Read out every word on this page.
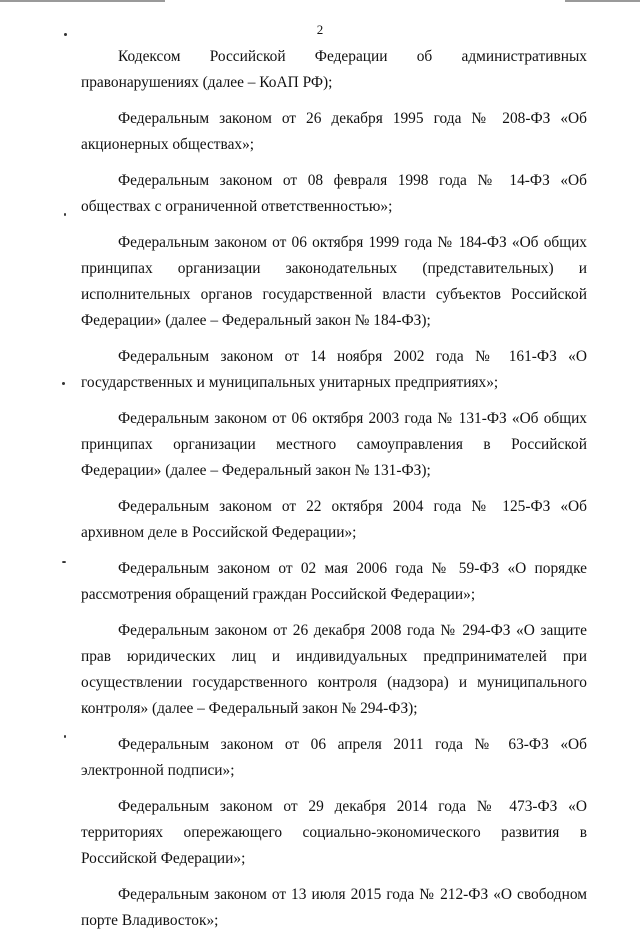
2

Кодексом Российской Федерации об административных правонарушениях (далее – КоАП РФ);

Федеральным законом от 26 декабря 1995 года № 208-ФЗ «Об акционерных обществах»;

Федеральным законом от 08 февраля 1998 года № 14-ФЗ «Об обществах с ограниченной ответственностью»;

Федеральным законом от 06 октября 1999 года № 184-ФЗ «Об общих принципах организации законодательных (представительных) и исполнительных органов государственной власти субъектов Российской Федерации» (далее – Федеральный закон № 184-ФЗ);

Федеральным законом от 14 ноября 2002 года № 161-ФЗ «О государственных и муниципальных унитарных предприятиях»;

Федеральным законом от 06 октября 2003 года № 131-ФЗ «Об общих принципах организации местного самоуправления в Российской Федерации» (далее – Федеральный закон № 131-ФЗ);

Федеральным законом от 22 октября 2004 года № 125-ФЗ «Об архивном деле в Российской Федерации»;

Федеральным законом от 02 мая 2006 года № 59-ФЗ «О порядке рассмотрения обращений граждан Российской Федерации»;

Федеральным законом от 26 декабря 2008 года № 294-ФЗ «О защите прав юридических лиц и индивидуальных предпринимателей при осуществлении государственного контроля (надзора) и муниципального контроля» (далее – Федеральный закон № 294-ФЗ);

Федеральным законом от 06 апреля 2011 года № 63-ФЗ «Об электронной подписи»;

Федеральным законом от 29 декабря 2014 года № 473-ФЗ «О территориях опережающего социально-экономического развития в Российской Федерации»;

Федеральным законом от 13 июля 2015 года № 212-ФЗ «О свободном порте Владивосток»;
